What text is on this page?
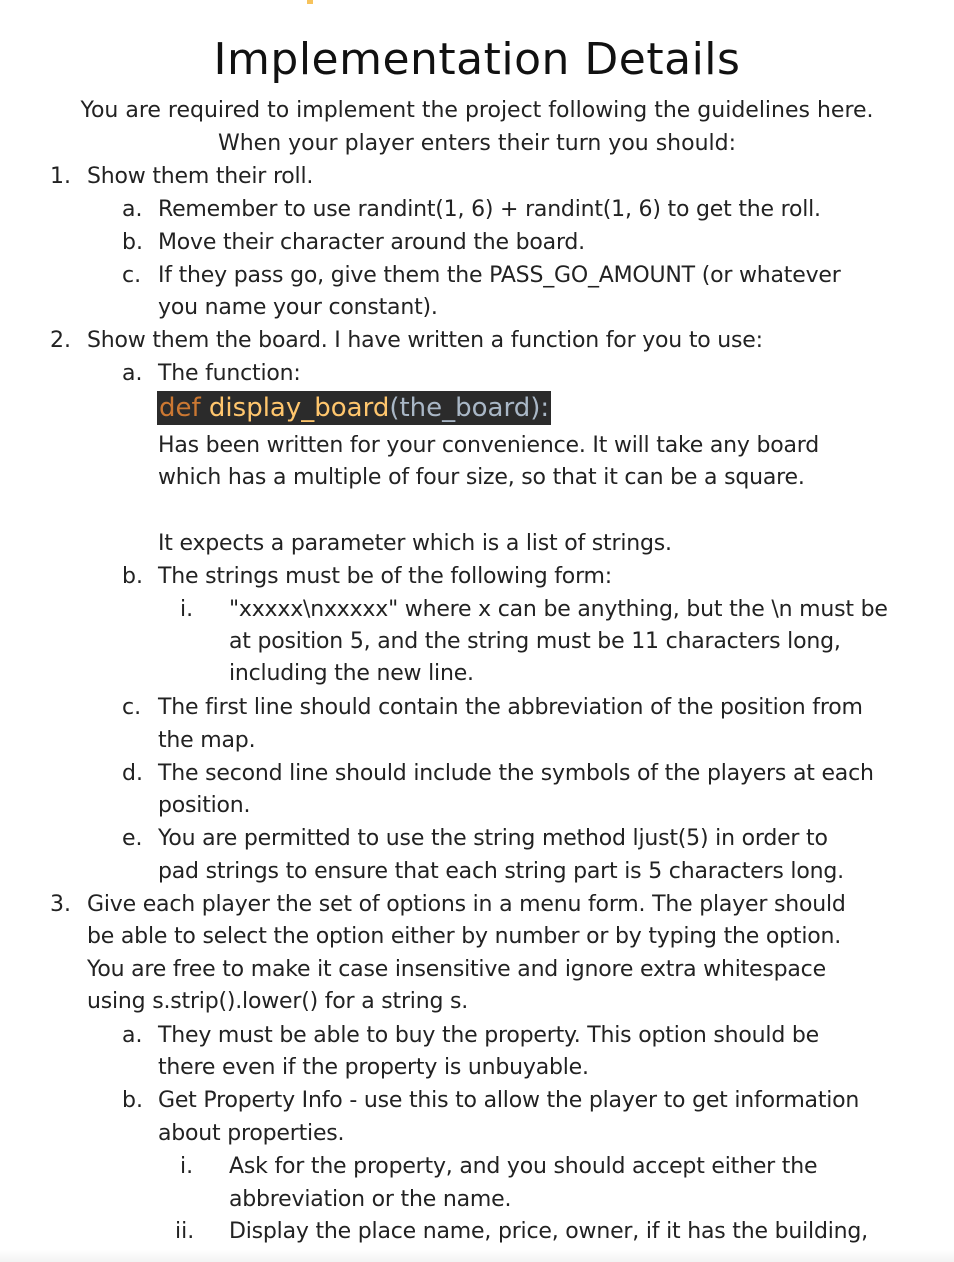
Implementation Details
You are required to implement the project following the guidelines here.
When your player enters their turn you should:
1. Show them their roll.
a. Remember to use randint(1, 6) + randint(1, 6) to get the roll.
b. Move their character around the board.
c. If they pass go, give them the PASS_GO_AMOUNT (or whatever
you name your constant).
2. Show them the board. I have written a function for you to use:
a. The function:
def display_board(the_board):
Has been written for your convenience. It will take any board
which has a multiple of four size, so that it can be a square.
It expects a parameter which is a list of strings.
b. The strings must be of the following form:
i. "xxxxx\nxxxxx" where x can be anything, but the \n must be
at position 5, and the string must be 11 characters long,
including the new line.
c. The first line should contain the abbreviation of the position from
the map.
d. The second line should include the symbols of the players at each
position.
e. You are permitted to use the string method ljust(5) in order to
pad strings to ensure that each string part is 5 characters long.
3. Give each player the set of options in a menu form. The player should
be able to select the option either by number or by typing the option.
You are free to make it case insensitive and ignore extra whitespace
using s.strip().lower() for a string s.
a. They must be able to buy the property. This option should be
there even if the property is unbuyable.
b. Get Property Info - use this to allow the player to get information
about properties.
i. Ask for the property, and you should accept either the
abbreviation or the name.
ii. Display the place name, price, owner, if it has the building,
